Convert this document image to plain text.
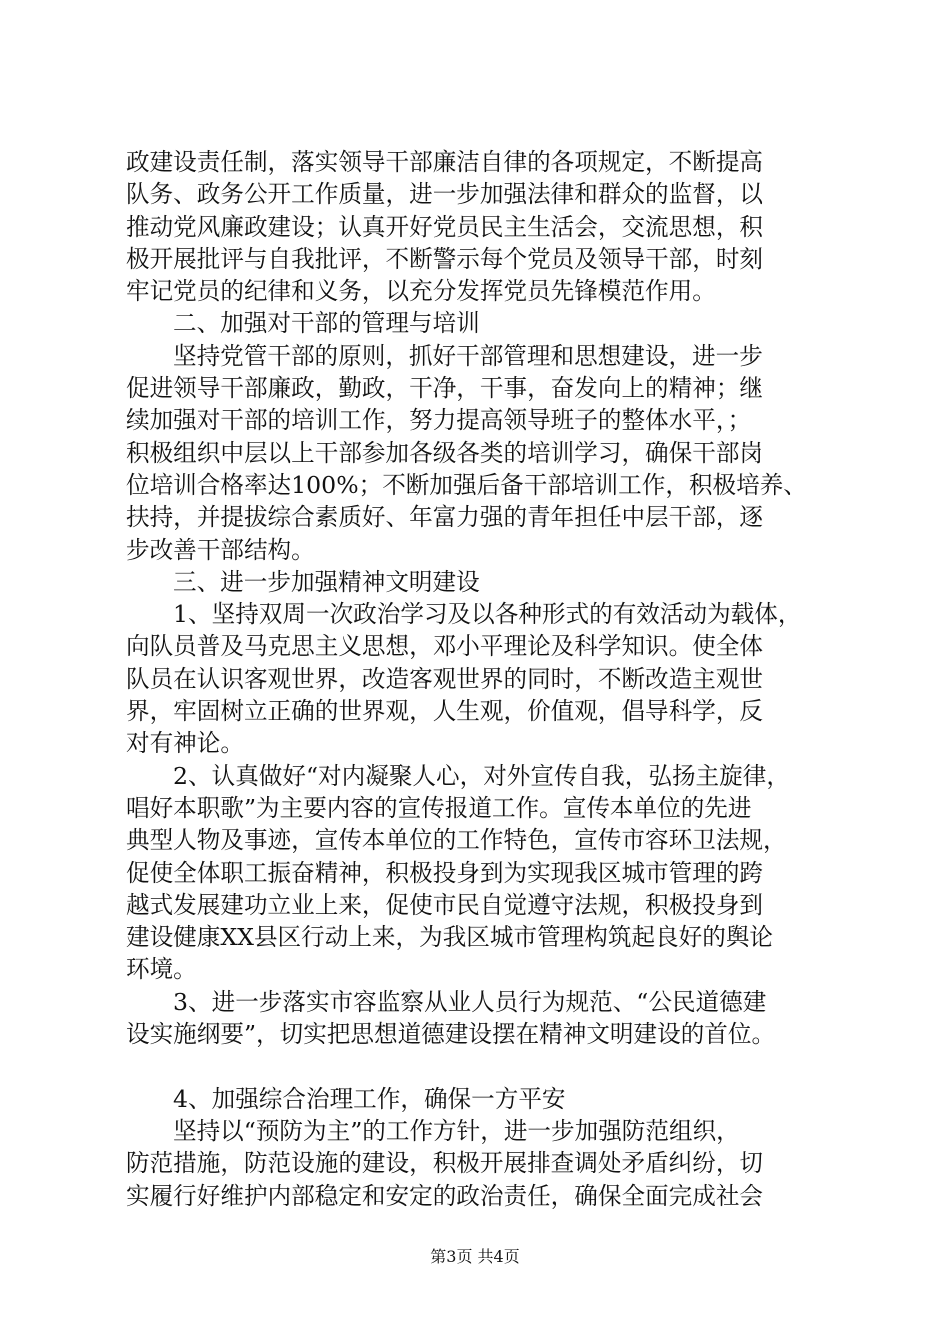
政建设责任制，落实领导干部廉洁自律的各项规定，不断提高
队务、政务公开工作质量，进一步加强法律和群众的监督，以
推动党风廉政建设；认真开好党员民主生活会，交流思想，积
极开展批评与自我批评，不断警示每个党员及领导干部，时刻
牢记党员的纪律和义务，以充分发挥党员先锋模范作用。
二、加强对干部的管理与培训
坚持党管干部的原则，抓好干部管理和思想建设，进一步
促进领导干部廉政，勤政，干净，干事，奋发向上的精神；继
续加强对干部的培训工作，努力提高领导班子的整体水平，；
积极组织中层以上干部参加各级各类的培训学习，确保干部岗
位培训合格率达100%；不断加强后备干部培训工作，积极培养、
扶持，并提拔综合素质好、年富力强的青年担任中层干部，逐
步改善干部结构。
三、进一步加强精神文明建设
1、坚持双周一次政治学习及以各种形式的有效活动为载体，
向队员普及马克思主义思想，邓小平理论及科学知识。使全体
队员在认识客观世界，改造客观世界的同时，不断改造主观世
界，牢固树立正确的世界观，人生观，价值观，倡导科学，反
对有神论。
2、认真做好“对内凝聚人心，对外宣传自我，弘扬主旋律，
唱好本职歌”为主要内容的宣传报道工作。宣传本单位的先进
典型人物及事迹，宣传本单位的工作特色，宣传市容环卫法规，
促使全体职工振奋精神，积极投身到为实现我区城市管理的跨
越式发展建功立业上来，促使市民自觉遵守法规，积极投身到
建设健康XX县区行动上来，为我区城市管理构筑起良好的舆论
环境。
3、进一步落实市容监察从业人员行为规范、“公民道德建
设实施纲要”，切实把思想道德建设摆在精神文明建设的首位。
4、加强综合治理工作，确保一方平安
坚持以“预防为主”的工作方针，进一步加强防范组织，
防范措施，防范设施的建设，积极开展排查调处矛盾纠纷，切
实履行好维护内部稳定和安定的政治责任，确保全面完成社会
第3页 共4页
